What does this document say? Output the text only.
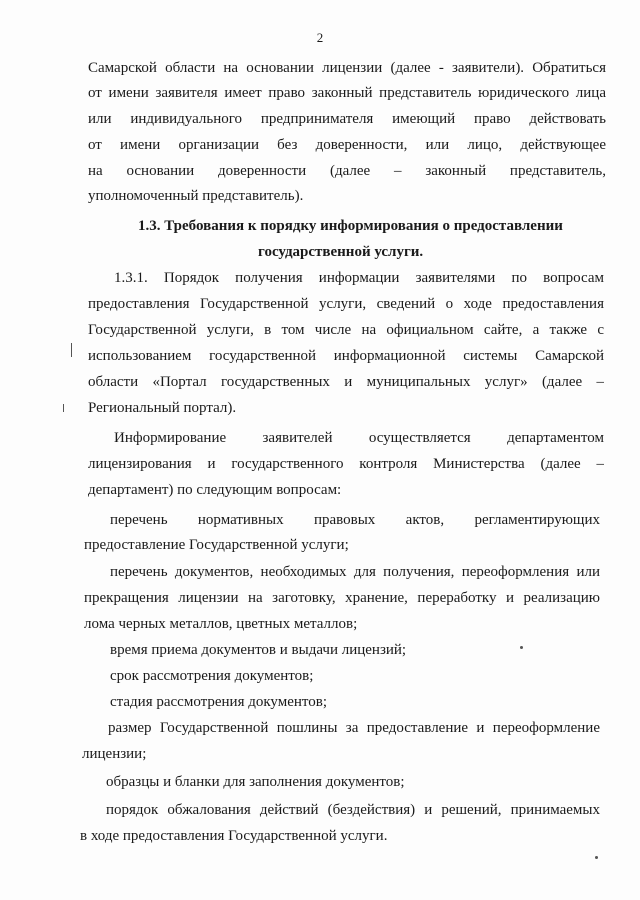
2
Самарской области на основании лицензии (далее - заявители). Обратиться
от имени заявителя имеет право законный представитель юридического лица
или индивидуального предпринимателя имеющий право действовать
от имени организации без доверенности, или лицо, действующее
на основании доверенности (далее – законный представитель,
уполномоченный представитель).
1.3. Требования к порядку информирования о предоставлении
государственной услуги.
1.3.1. Порядок получения информации заявителями по вопросам
предоставления Государственной услуги, сведений о ходе предоставления
Государственной услуги, в том числе на официальном сайте, а также с
использованием государственной информационной системы Самарской
области «Портал государственных и муниципальных услуг» (далее –
Региональный портал).
Информирование заявителей осуществляется департаментом
лицензирования и государственного контроля Министерства (далее –
департамент) по следующим вопросам:
перечень нормативных правовых актов, регламентирующих
предоставление Государственной услуги;
перечень документов, необходимых для получения, переоформления или
прекращения лицензии на заготовку, хранение, переработку и реализацию
лома черных металлов, цветных металлов;
время приема документов и выдачи лицензий;
срок рассмотрения документов;
стадия рассмотрения документов;
размер Государственной пошлины за предоставление и переоформление
лицензии;
образцы и бланки для заполнения документов;
порядок обжалования действий (бездействия) и решений, принимаемых
в ходе предоставления Государственной услуги.
